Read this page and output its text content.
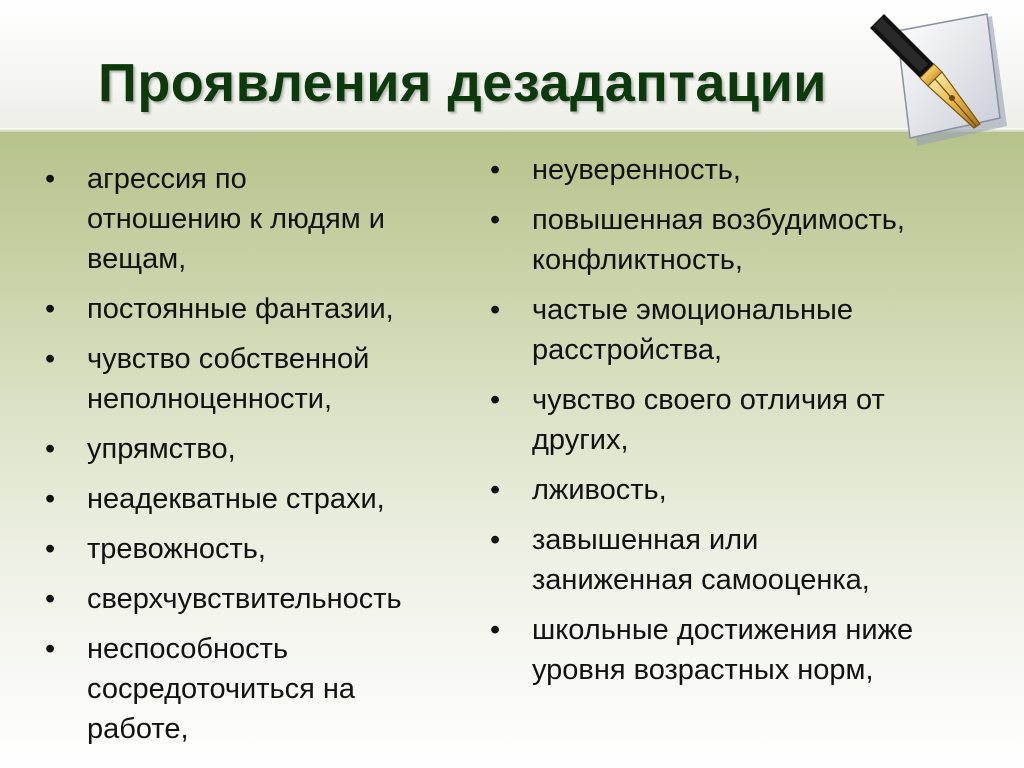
Проявления дезадаптации
• агрессия по
отношению к людям и
вещам,
• постоянные фантазии,
• чувство собственной
неполноценности,
• упрямство,
• неадекватные страхи,
• тревожность,
• сверхчувствительность
• неспособность
сосредоточиться на
работе,
• неуверенность,
• повышенная возбудимость,
конфликтность,
• частые эмоциональные
расстройства,
• чувство своего отличия от
других,
• лживость,
• завышенная или
заниженная самооценка,
• школьные достижения ниже
уровня возрастных норм,
